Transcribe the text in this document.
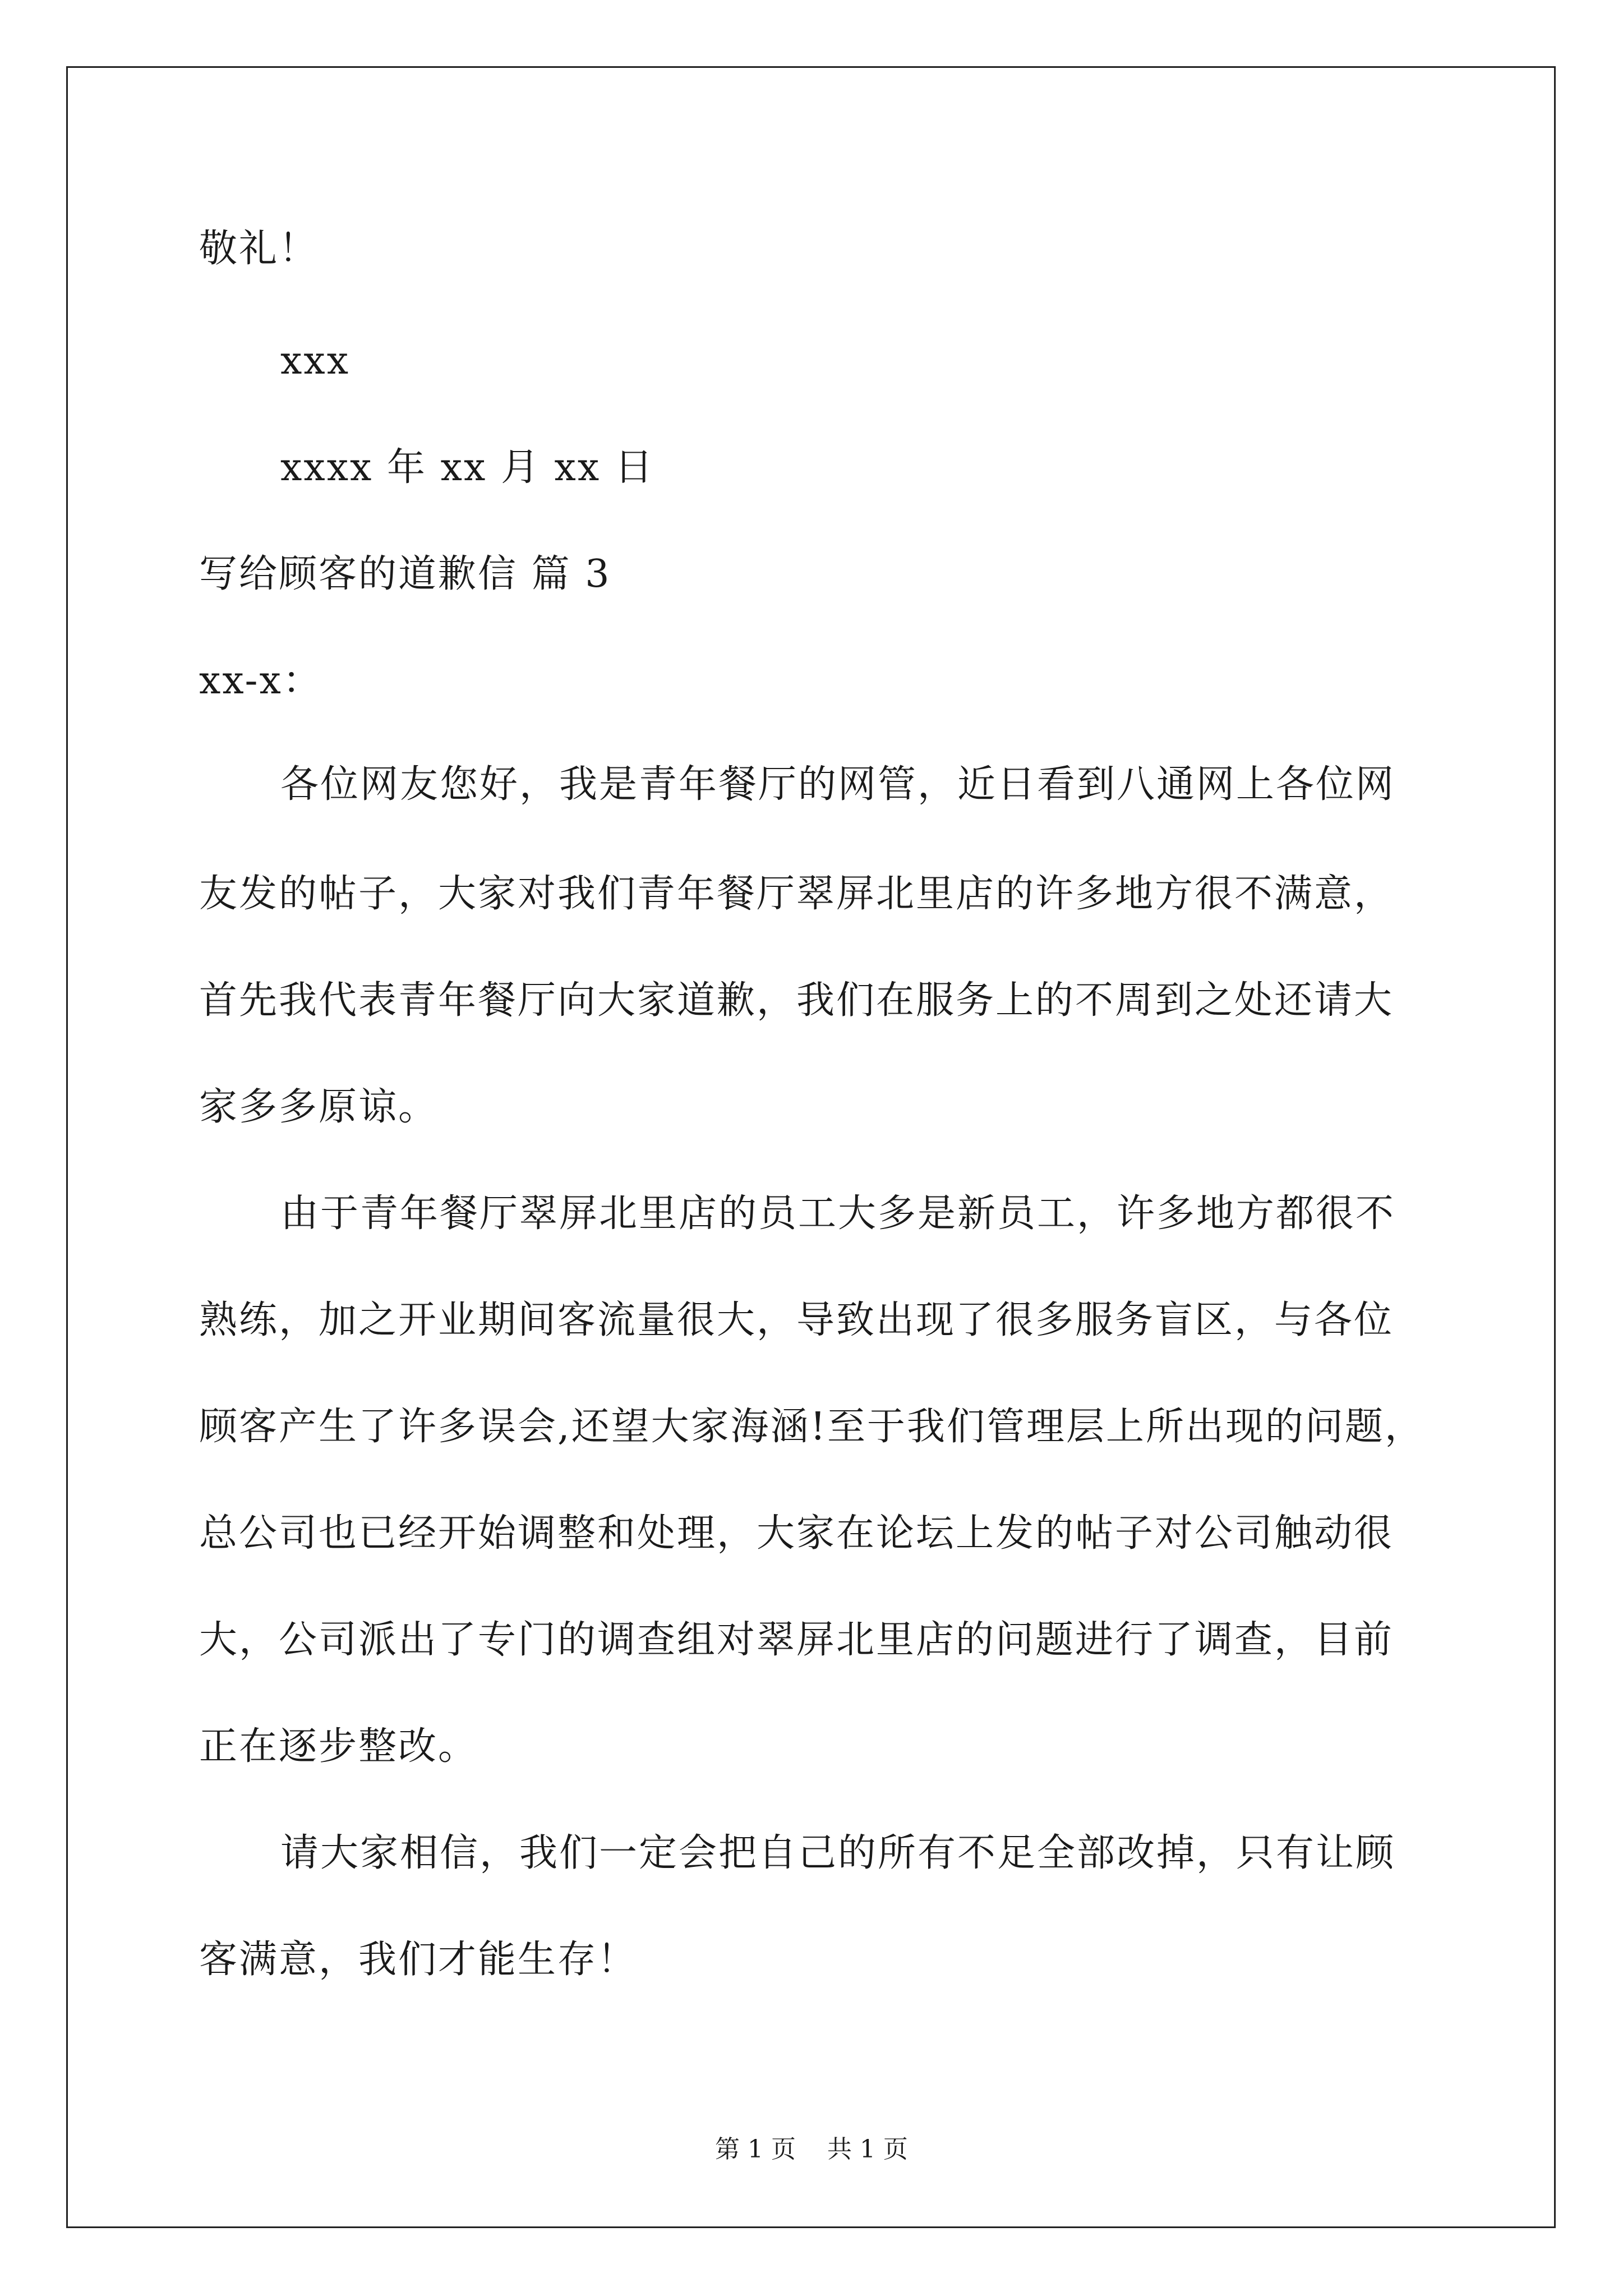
敬礼！
xxx
xxxx 年 xx 月 xx 日
写给顾客的道歉信 篇 3
xx-x：
各位网友您好，我是青年餐厅的网管，近日看到八通网上各位网
友发的帖子，大家对我们青年餐厅翠屏北里店的许多地方很不满意，
首先我代表青年餐厅向大家道歉，我们在服务上的不周到之处还请大
家多多原谅。
由于青年餐厅翠屏北里店的员工大多是新员工，许多地方都很不
熟练，加之开业期间客流量很大，导致出现了很多服务盲区，与各位
顾客产生了许多误会,还望大家海涵!至于我们管理层上所出现的问题，
总公司也已经开始调整和处理，大家在论坛上发的帖子对公司触动很
大，公司派出了专门的调查组对翠屏北里店的问题进行了调查，目前
正在逐步整改。
请大家相信，我们一定会把自己的所有不足全部改掉，只有让顾
客满意，我们才能生存！
第 1 页    共 1 页
